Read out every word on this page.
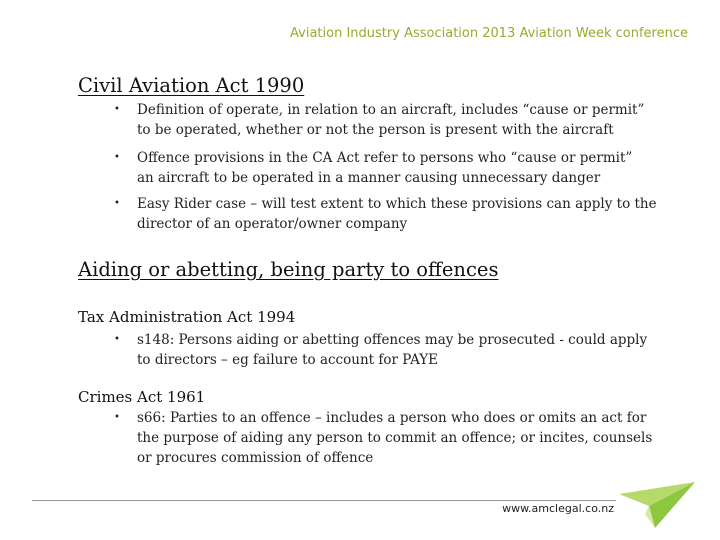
Aviation Industry Association 2013 Aviation Week conference
Civil Aviation Act 1990
• Definition of operate, in relation to an aircraft, includes “cause or permit”
to be operated, whether or not the person is present with the aircraft
• Offence provisions in the CA Act refer to persons who “cause or permit”
an aircraft to be operated in a manner causing unnecessary danger
• Easy Rider case – will test extent to which these provisions can apply to the
director of an operator/owner company
Aiding or abetting, being party to offences
Tax Administration Act 1994
• s148: Persons aiding or abetting offences may be prosecuted - could apply
to directors – eg failure to account for PAYE
Crimes Act 1961
• s66: Parties to an offence – includes a person who does or omits an act for
the purpose of aiding any person to commit an offence; or incites, counsels
or procures commission of offence
www.amclegal.co.nz
